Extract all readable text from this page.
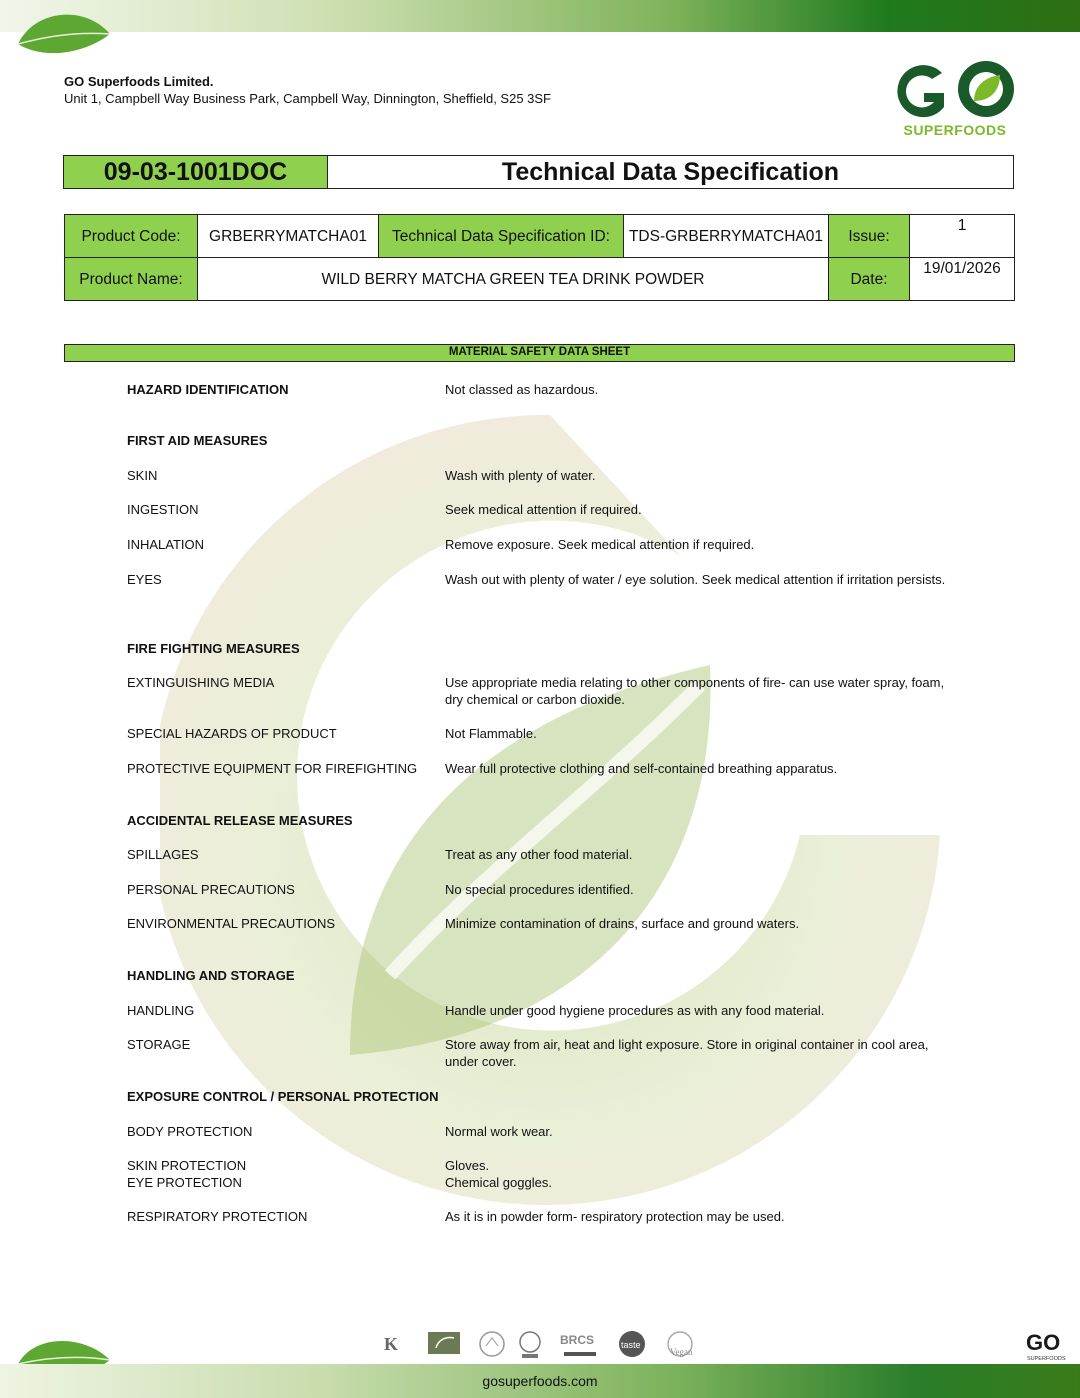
GO Superfoods Limited.
Unit 1, Campbell Way Business Park, Campbell Way, Dinnington, Sheffield, S25 3SF
SUPERFOODS
09-03-1001DOC	Technical Data Specification
Product Code:	GRBERRYMATCHA01	Technical Data Specification ID:	TDS-GRBERRYMATCHA01	Issue:	1
Product Name:	WILD BERRY MATCHA GREEN TEA DRINK POWDER			Date:	19/01/2026
MATERIAL SAFETY DATA SHEET
HAZARD IDENTIFICATION	Not classed as hazardous.
FIRST AID MEASURES
SKIN	Wash with plenty of water.
INGESTION	Seek medical attention if required.
INHALATION	Remove exposure. Seek medical attention if required.
EYES	Wash out with plenty of water / eye solution. Seek medical attention if irritation persists.
FIRE FIGHTING MEASURES
EXTINGUISHING MEDIA	Use appropriate media relating to other components of fire- can use water spray, foam, dry chemical or carbon dioxide.
SPECIAL HAZARDS OF PRODUCT	Not Flammable.
PROTECTIVE EQUIPMENT FOR FIREFIGHTING	Wear full protective clothing and self-contained breathing apparatus.
ACCIDENTAL RELEASE MEASURES
SPILLAGES	Treat as any other food material.
PERSONAL PRECAUTIONS	No special procedures identified.
ENVIRONMENTAL PRECAUTIONS	Minimize contamination of drains, surface and ground waters.
HANDLING AND STORAGE
HANDLING	Handle under good hygiene procedures as with any food material.
STORAGE	Store away from air, heat and light exposure. Store in original container in cool area, under cover.
EXPOSURE CONTROL / PERSONAL PROTECTION
BODY PROTECTION	Normal work wear.
SKIN PROTECTION	Gloves.
EYE PROTECTION	Chemical goggles.
RESPIRATORY PROTECTION	As it is in powder form- respiratory protection may be used.
K	BRCS	taste
Vegan	GO
SUPERFOODS
gosuperfoods.com
